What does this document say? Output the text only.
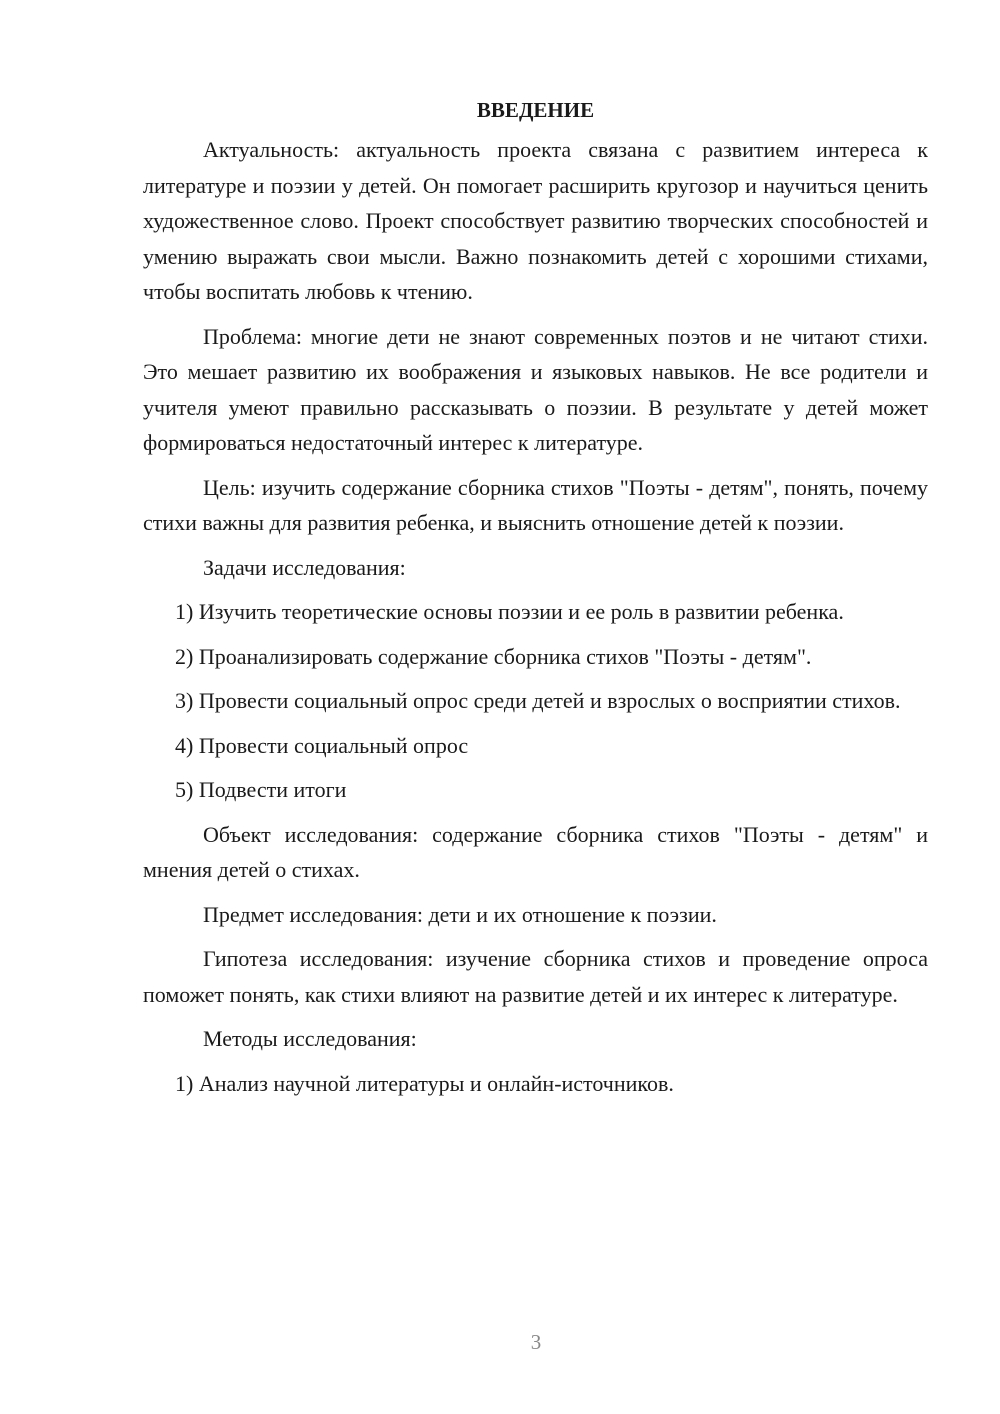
ВВЕДЕНИЕ

Актуальность: актуальность проекта связана с развитием интереса к литературе и поэзии у детей. Он помогает расширить кругозор и научиться ценить художественное слово. Проект способствует развитию творческих способностей и умению выражать свои мысли. Важно познакомить детей с хорошими стихами, чтобы воспитать любовь к чтению.

Проблема: многие дети не знают современных поэтов и не читают стихи. Это мешает развитию их воображения и языковых навыков. Не все родители и учителя умеют правильно рассказывать о поэзии. В результате у детей может формироваться недостаточный интерес к литературе.

Цель: изучить содержание сборника стихов "Поэты - детям", понять, почему стихи важны для развития ребенка, и выяснить отношение детей к поэзии.

Задачи исследования:

1) Изучить теоретические основы поэзии и ее роль в развитии ребенка.

2) Проанализировать содержание сборника стихов "Поэты - детям".

3) Провести социальный опрос среди детей и взрослых о восприятии стихов.

4) Провести социальный опрос

5) Подвести итоги

Объект исследования: содержание сборника стихов "Поэты - детям" и мнения детей о стихах.

Предмет исследования: дети и их отношение к поэзии.

Гипотеза исследования: изучение сборника стихов и проведение опроса поможет понять, как стихи влияют на развитие детей и их интерес к литературе.

Методы исследования:

1) Анализ научной литературы и онлайн-источников.

3
